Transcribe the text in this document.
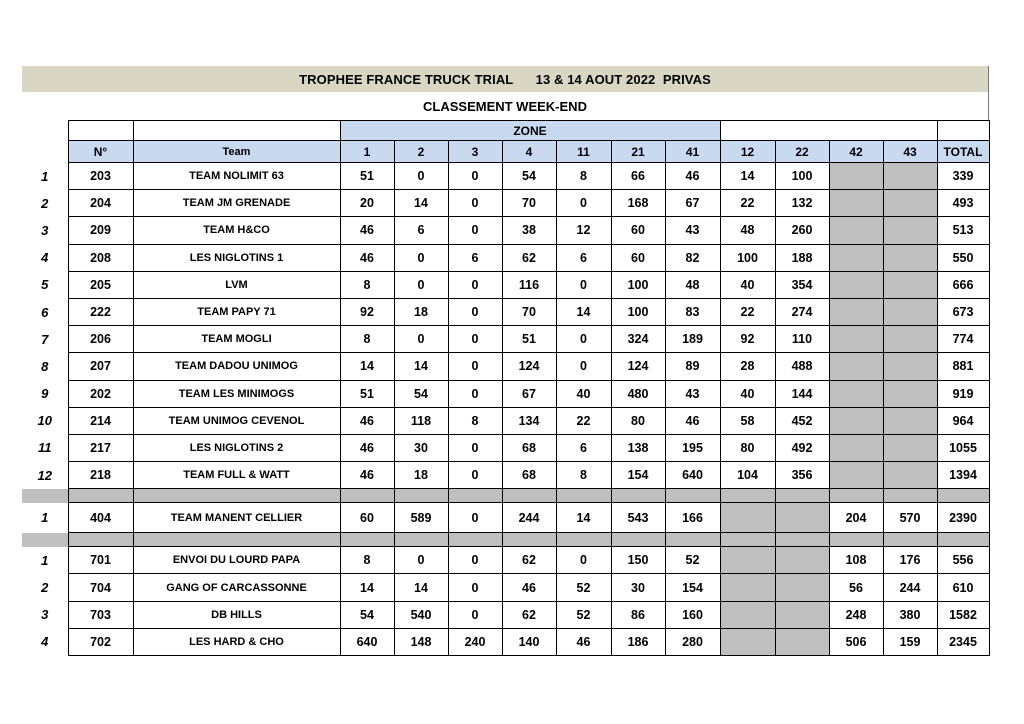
TROPHEE FRANCE TRUCK TRIAL
13 & 14 AOUT 2022
PRIVAS
CLASSEMENT WEEK-END
			ZONE											
	N°	Team	1	2	3	4	11	21	41	12	22	42	43	TOTAL
1	203	TEAM NOLIMIT 63	51	0	0	54	8	66	46	14	100			339
2	204	TEAM JM GRENADE	20	14	0	70	0	168	67	22	132			493
3	209	TEAM H&CO	46	6	0	38	12	60	43	48	260			513
4	208	LES NIGLOTINS 1	46	0	6	62	6	60	82	100	188			550
5	205	LVM	8	0	0	116	0	100	48	40	354			666
6	222	TEAM PAPY 71	92	18	0	70	14	100	83	22	274			673
7	206	TEAM MOGLI	8	0	0	51	0	324	189	92	110			774
8	207	TEAM DADOU UNIMOG	14	14	0	124	0	124	89	28	488			881
9	202	TEAM LES MINIMOGS	51	54	0	67	40	480	43	40	144			919
10	214	TEAM UNIMOG CEVENOL	46	118	8	134	22	80	46	58	452			964
11	217	LES NIGLOTINS 2	46	30	0	68	6	138	195	80	492			1055
12	218	TEAM FULL & WATT	46	18	0	68	8	154	640	104	356			1394

1	404	TEAM MANENT CELLIER	60	589	0	244	14	543	166			204	570	2390

1	701	ENVOI DU LOURD PAPA	8	0	0	62	0	150	52			108	176	556
2	704	GANG OF CARCASSONNE	14	14	0	46	52	30	154			56	244	610
3	703	DB HILLS	54	540	0	62	52	86	160			248	380	1582
4	702	LES HARD & CHO	640	148	240	140	46	186	280			506	159	2345
